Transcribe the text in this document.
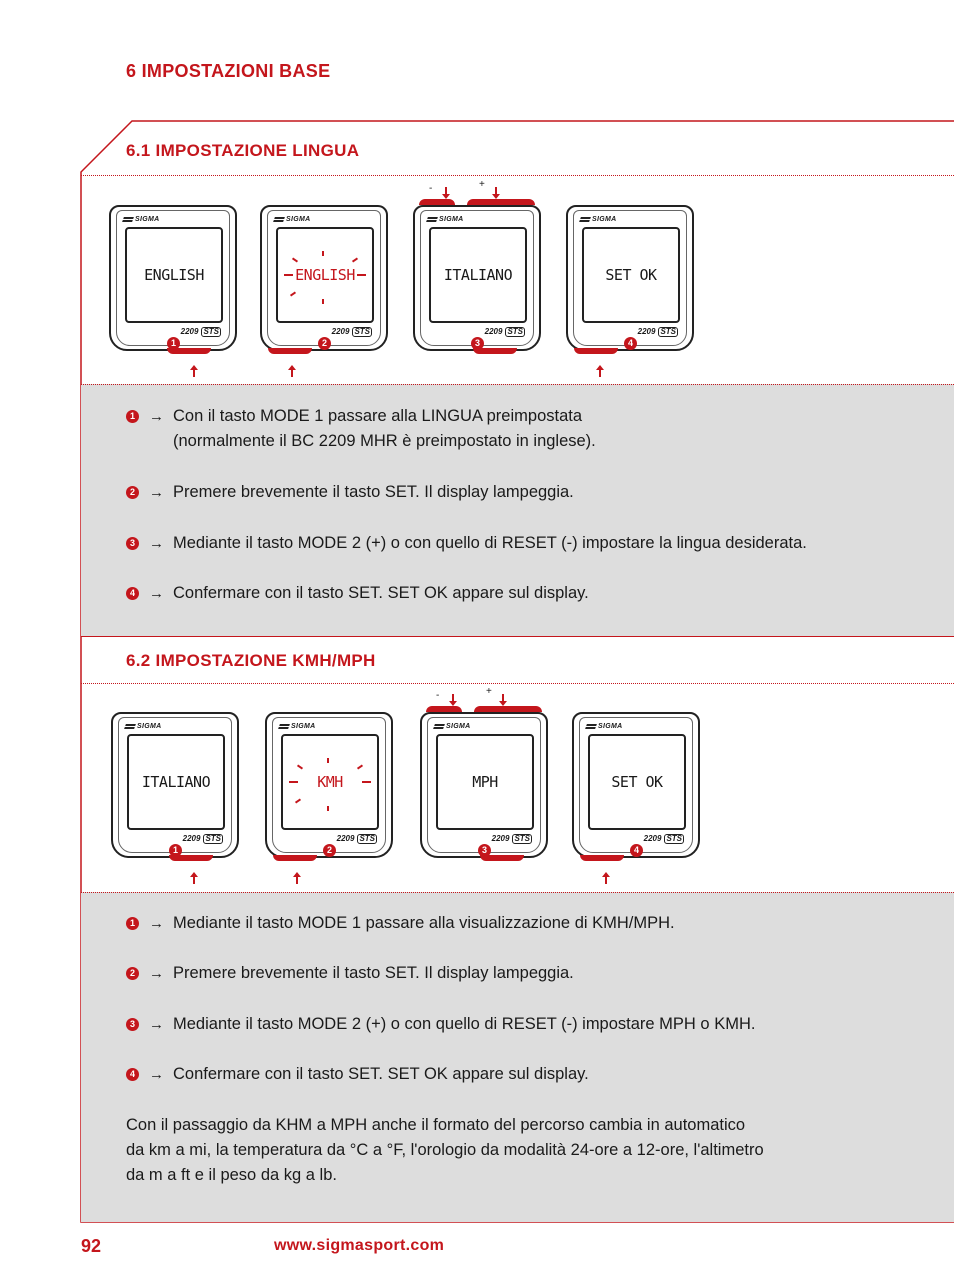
6 IMPOSTAZIONI BASE
6.1 IMPOSTAZIONE LINGUA
SIGMA
ENGLISH
2209 STS
1
SIGMA
ENGLISH
2209 STS
2
SIGMA
ITALIANO
2209 STS
3
-	+
SIGMA
SET OK
2209 STS
4
1 → Con il tasto MODE 1 passare alla LINGUA preimpostata
(normalmente il BC 2209 MHR è preimpostato in inglese).
2 → Premere brevemente il tasto SET. Il display lampeggia.
3 → Mediante il tasto MODE 2 (+) o con quello di RESET (-) impostare la lingua desiderata.
4 → Confermare con il tasto SET. SET OK appare sul display.
6.2 IMPOSTAZIONE KMH/MPH
SIGMA
ITALIANO
2209 STS
1
SIGMA
KMH
2209 STS
2
SIGMA
MPH
2209 STS
3
-	+
SIGMA
SET OK
2209 STS
4
1 → Mediante il tasto MODE 1 passare alla visualizzazione di KMH/MPH.
2 → Premere brevemente il tasto SET. Il display lampeggia.
3 → Mediante il tasto MODE 2 (+) o con quello di RESET (-) impostare MPH o KMH.
4 → Confermare con il tasto SET. SET OK appare sul display.
Con il passaggio da KHM a MPH anche il formato del percorso cambia in automatico
da km a mi, la temperatura da °C a °F, l'orologio da modalità 24-ore a 12-ore, l'altimetro
da m a ft e il peso da kg a lb.
92	www.sigmasport.com
